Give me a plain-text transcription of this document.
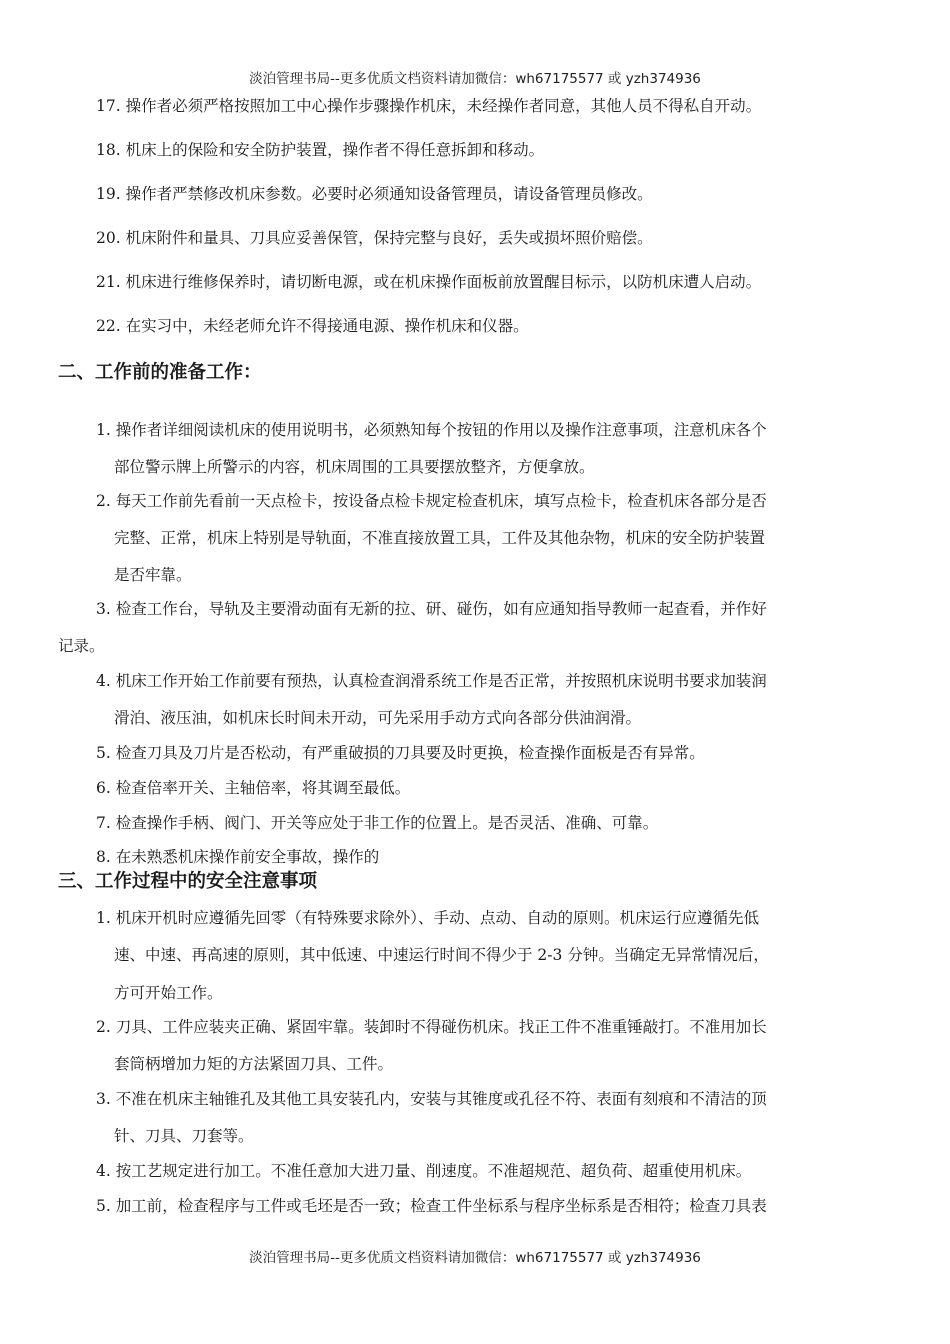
淡泊管理书局--更多优质文档资料请加微信：wh67175577 或 yzh374936
17. 操作者必须严格按照加工中心操作步骤操作机床，未经操作者同意，其他人员不得私自开动。
18. 机床上的保险和安全防护装置，操作者不得任意拆卸和移动。
19. 操作者严禁修改机床参数。必要时必须通知设备管理员，请设备管理员修改。
20. 机床附件和量具、刀具应妥善保管，保持完整与良好，丢失或损坏照价赔偿。
21. 机床进行维修保养时，请切断电源，或在机床操作面板前放置醒目标示，以防机床遭人启动。
22. 在实习中，未经老师允许不得接通电源、操作机床和仪器。
二、工作前的准备工作：
1. 操作者详细阅读机床的使用说明书，必须熟知每个按钮的作用以及操作注意事项，注意机床各个
部位警示牌上所警示的内容，机床周围的工具要摆放整齐，方便拿放。
2. 每天工作前先看前一天点检卡，按设备点检卡规定检查机床，填写点检卡，检查机床各部分是否
完整、正常，机床上特别是导轨面，不准直接放置工具，工件及其他杂物，机床的安全防护装置
是否牢靠。
3. 检查工作台，导轨及主要滑动面有无新的拉、研、碰伤，如有应通知指导教师一起查看，并作好
记录。
4. 机床工作开始工作前要有预热，认真检查润滑系统工作是否正常，并按照机床说明书要求加装润
滑泊、液压油，如机床长时间未开动，可先采用手动方式向各部分供油润滑。
5. 检查刀具及刀片是否松动，有严重破损的刀具要及时更换，检查操作面板是否有异常。
6. 检查倍率开关、主轴倍率，将其调至最低。
7. 检查操作手柄、阀门、开关等应处于非工作的位置上。是否灵活、准确、可靠。
8. 在未熟悉机床操作前安全事故，操作的
三、工作过程中的安全注意事项
1. 机床开机时应遵循先回零（有特殊要求除外）、手动、点动、自动的原则。机床运行应遵循先低
速、中速、再高速的原则，其中低速、中速运行时间不得少于 2-3 分钟。当确定无异常情况后，
方可开始工作。
2. 刀具、工件应装夹正确、紧固牢靠。装卸时不得碰伤机床。找正工件不准重锤敲打。不准用加长
套筒柄增加力矩的方法紧固刀具、工件。
3. 不准在机床主轴锥孔及其他工具安装孔内，安装与其锥度或孔径不符、表面有刻痕和不清洁的顶
针、刀具、刀套等。
4. 按工艺规定进行加工。不准任意加大进刀量、削速度。不准超规范、超负荷、超重使用机床。
5. 加工前，检查程序与工件或毛坯是否一致；检查工件坐标系与程序坐标系是否相符；检查刀具表
淡泊管理书局--更多优质文档资料请加微信：wh67175577 或 yzh374936
